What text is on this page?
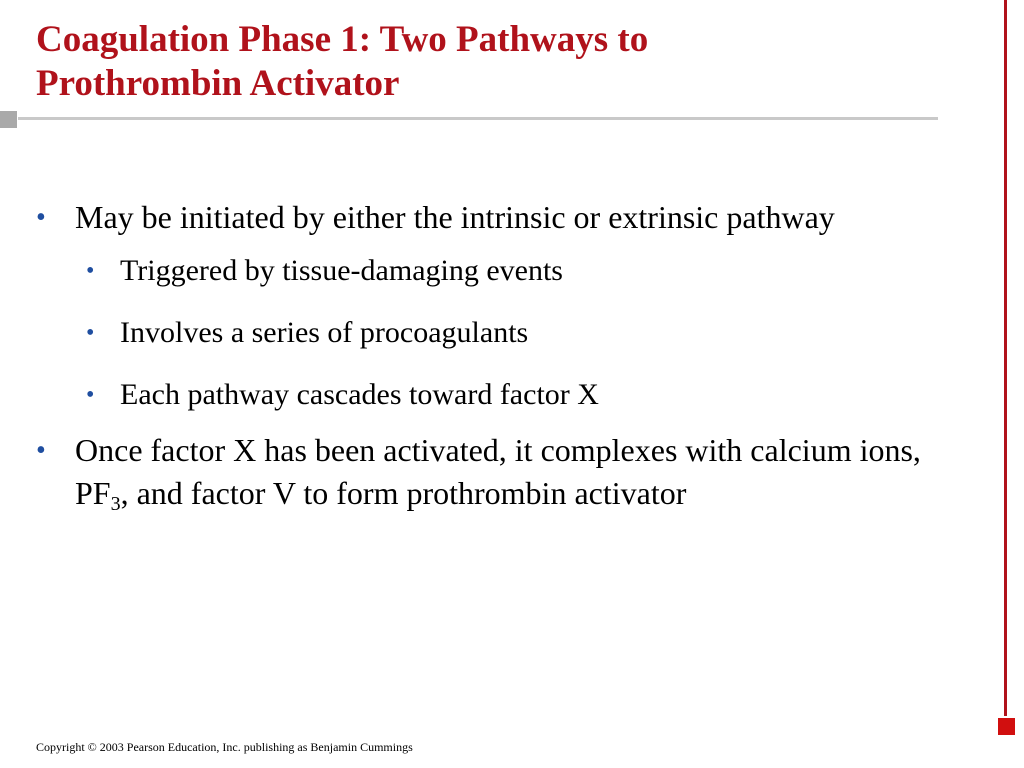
Coagulation Phase 1: Two Pathways to
Prothrombin Activator
• May be initiated by either the intrinsic or extrinsic pathway
• Triggered by tissue-damaging events
• Involves a series of procoagulants
• Each pathway cascades toward factor X
• Once factor X has been activated, it complexes with calcium ions, $PF_3$, and factor V to form prothrombin activator
Copyright © 2003 Pearson Education, Inc. publishing as Benjamin Cummings
